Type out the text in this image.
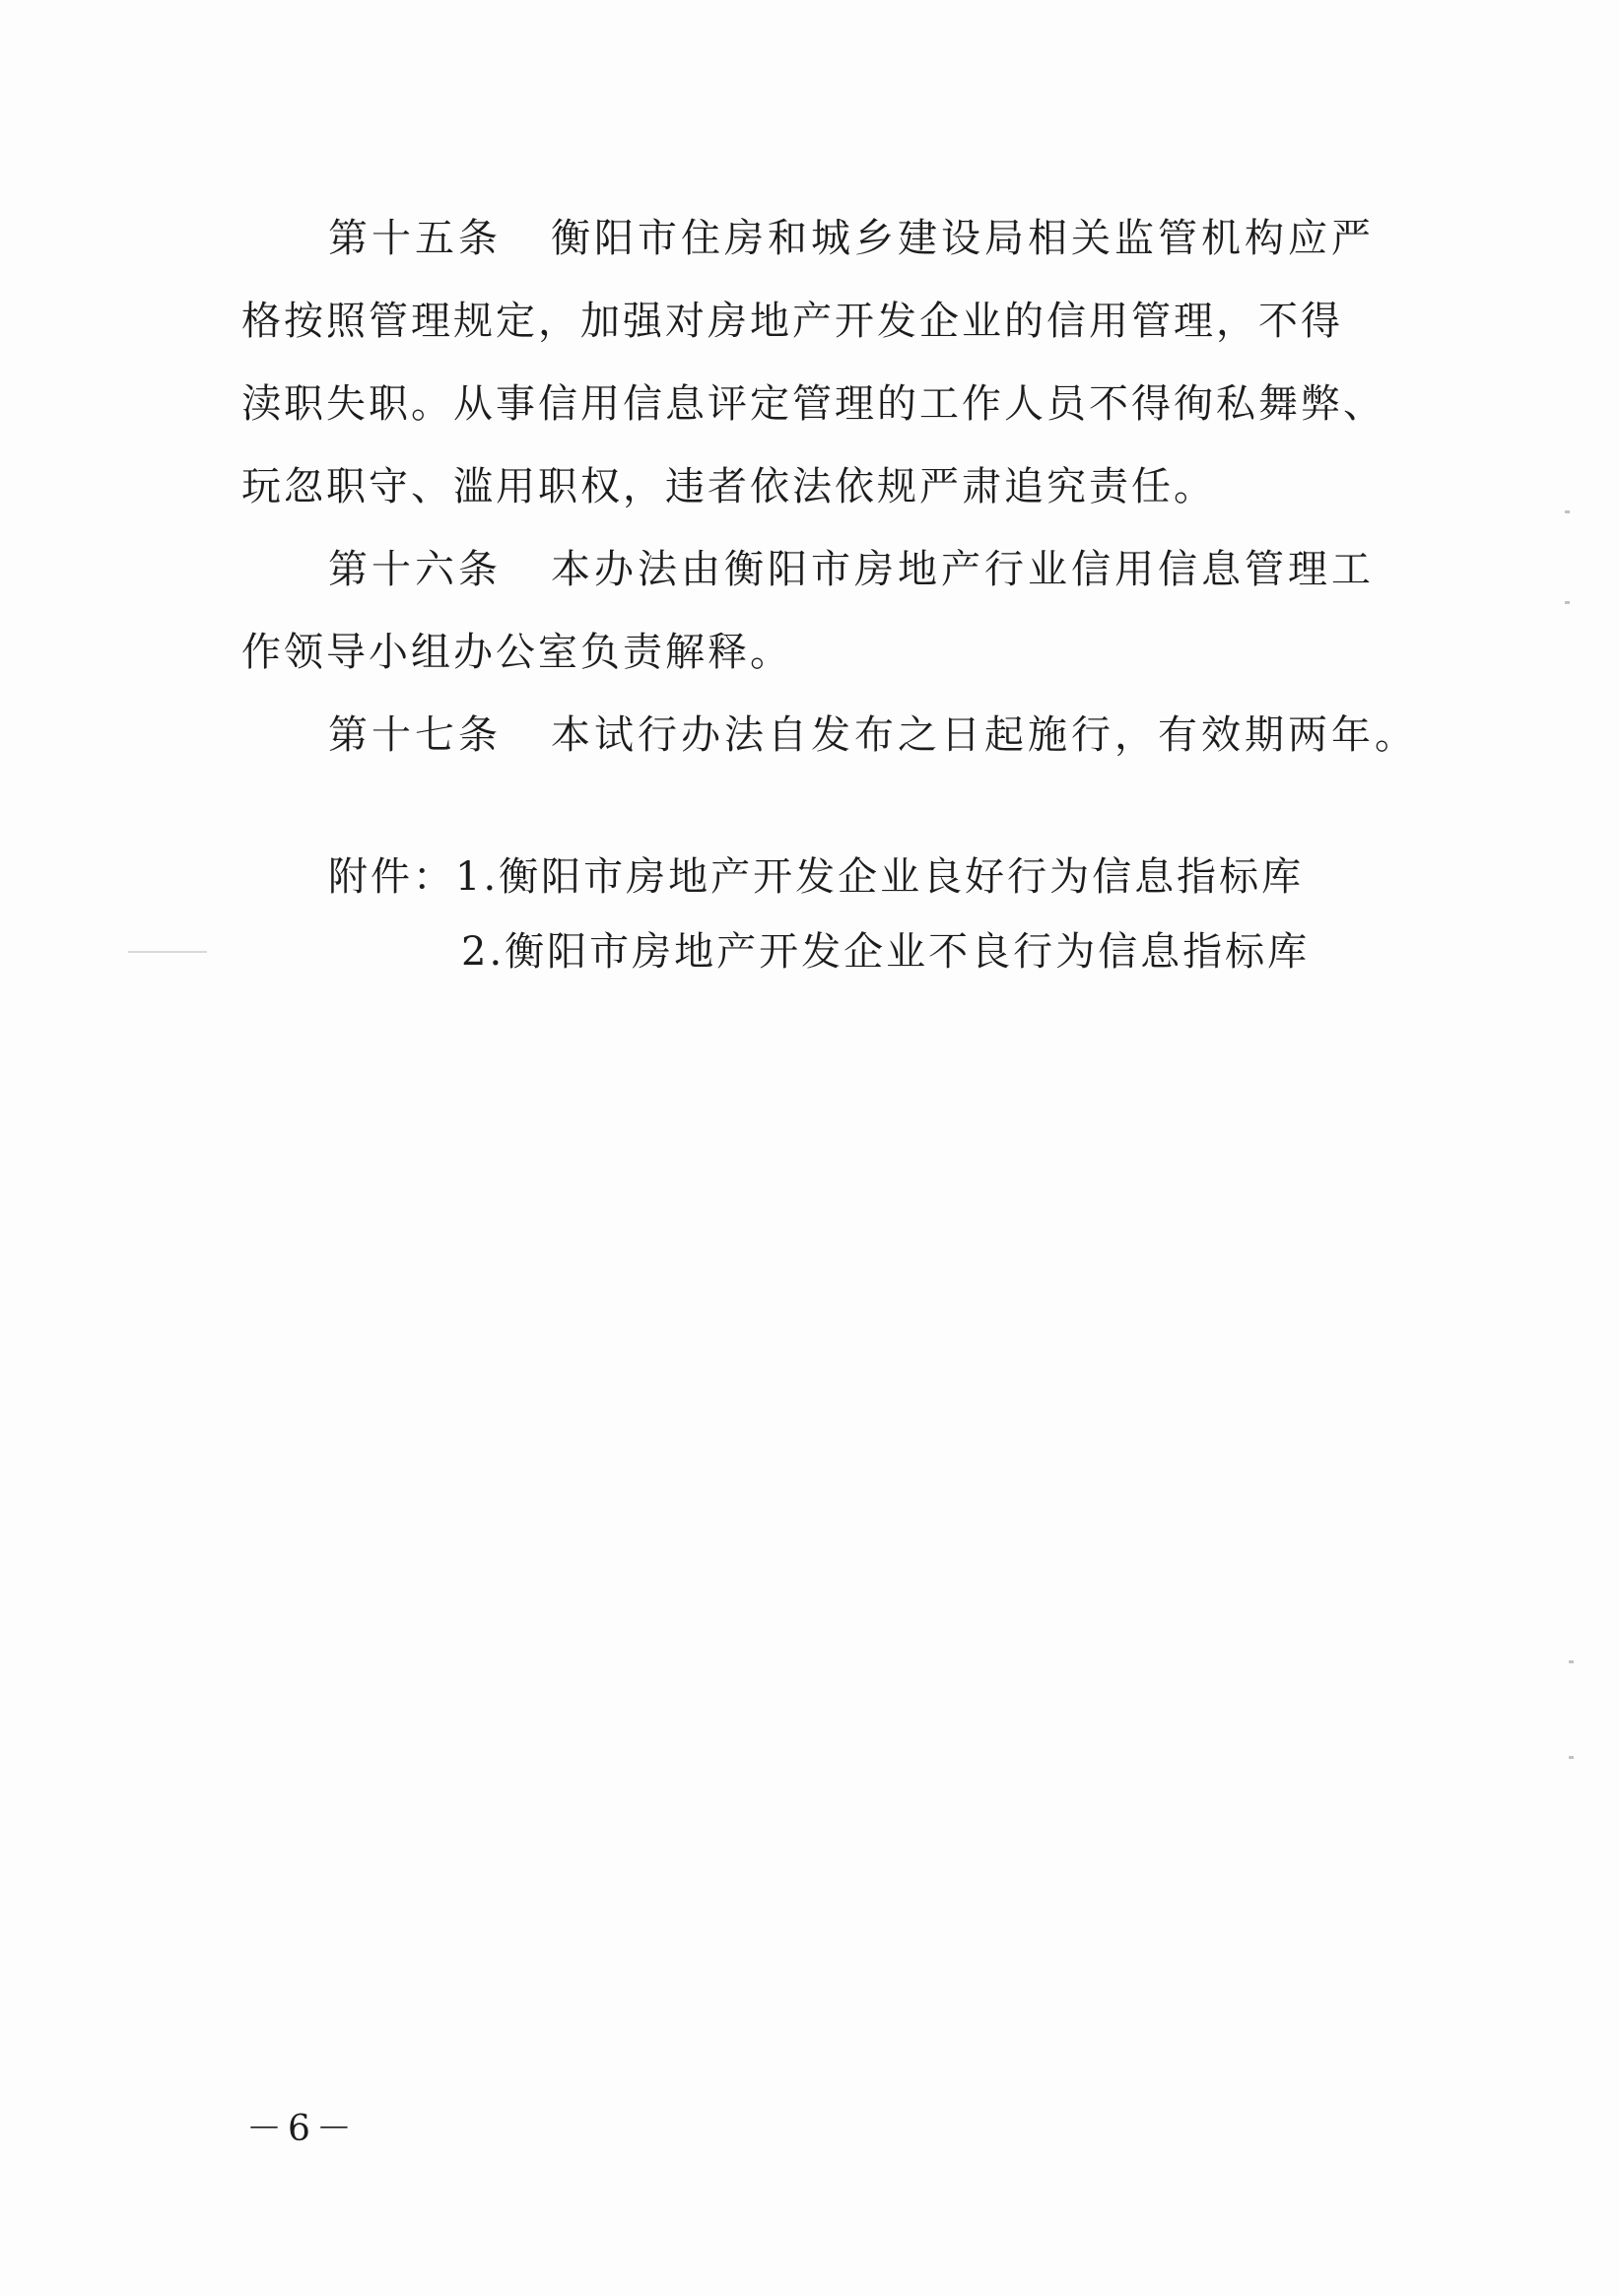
第十五条 衡阳市住房和城乡建设局相关监管机构应严
格按照管理规定，加强对房地产开发企业的信用管理，不得
渎职失职。从事信用信息评定管理的工作人员不得徇私舞弊、
玩忽职守、滥用职权，违者依法依规严肃追究责任。
第十六条 本办法由衡阳市房地产行业信用信息管理工
作领导小组办公室负责解释。
第十七条 本试行办法自发布之日起施行，有效期两年。
附件：1.衡阳市房地产开发企业良好行为信息指标库
2.衡阳市房地产开发企业不良行为信息指标库
－6－
